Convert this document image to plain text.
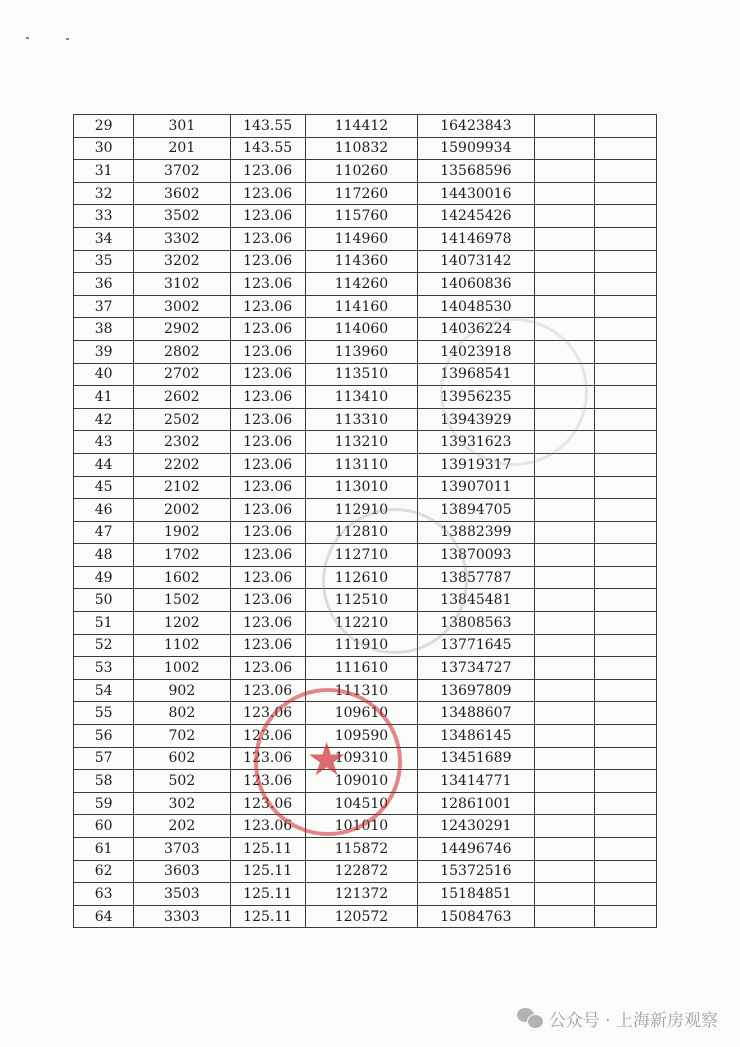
29	301	143.55	114412	16423843		
30	201	143.55	110832	15909934		
31	3702	123.06	110260	13568596		
32	3602	123.06	117260	14430016		
33	3502	123.06	115760	14245426		
34	3302	123.06	114960	14146978		
35	3202	123.06	114360	14073142		
36	3102	123.06	114260	14060836		
37	3002	123.06	114160	14048530		
38	2902	123.06	114060	14036224		
39	2802	123.06	113960	14023918		
40	2702	123.06	113510	13968541		
41	2602	123.06	113410	13956235		
42	2502	123.06	113310	13943929		
43	2302	123.06	113210	13931623		
44	2202	123.06	113110	13919317		
45	2102	123.06	113010	13907011		
46	2002	123.06	112910	13894705		
47	1902	123.06	112810	13882399		
48	1702	123.06	112710	13870093		
49	1602	123.06	112610	13857787		
50	1502	123.06	112510	13845481		
51	1202	123.06	112210	13808563		
52	1102	123.06	111910	13771645		
53	1002	123.06	111610	13734727		
54	902	123.06	111310	13697809		
55	802	123.06	109610	13488607		
56	702	123.06	109590	13486145		
57	602	123.06	109310	13451689		
58	502	123.06	109010	13414771		
59	302	123.06	104510	12861001		
60	202	123.06	101010	12430291		
61	3703	125.11	115872	14496746		
62	3603	125.11	122872	15372516		
63	3503	125.11	121372	15184851		
64	3303	125.11	120572	15084763		
★
公众号 · 上海新房观察
